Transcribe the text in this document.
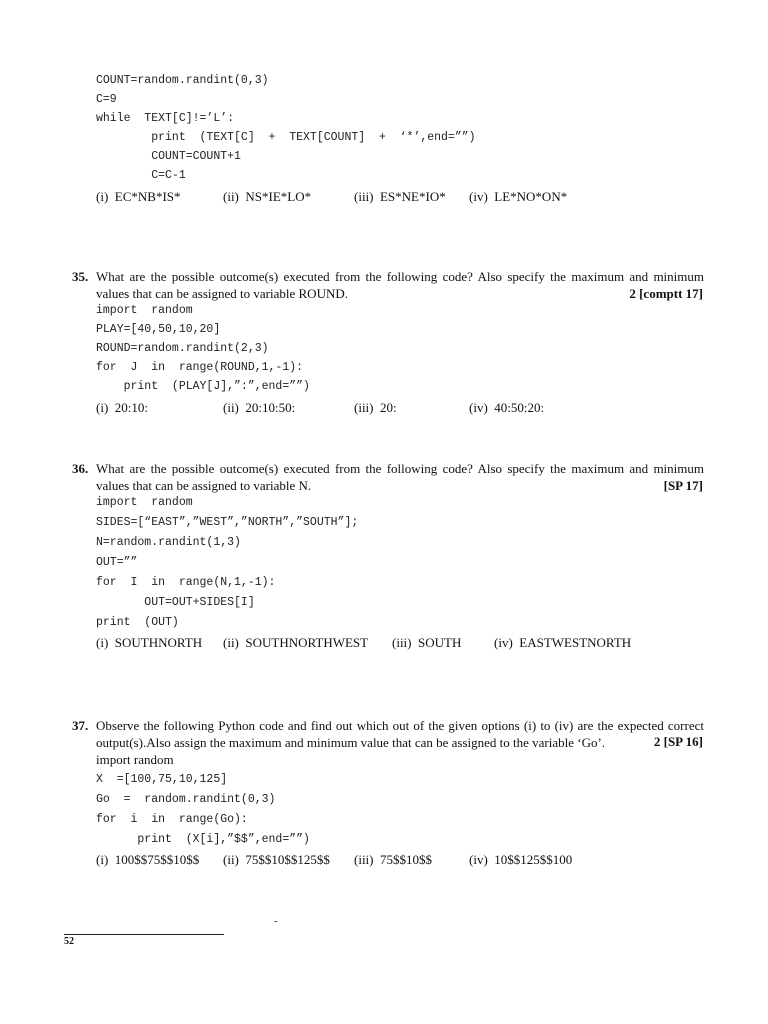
COUNT=random.randint(0,3)
C=9
while  TEXT[C]!=’L’:
print  (TEXT[C]  +  TEXT[COUNT]  +  ‘*’,end=””)
COUNT=COUNT+1
C=C-1
(i)  EC*NB*IS*	(ii)  NS*IE*LO*	(iii)  ES*NE*IO* (iv)  LE*NO*ON*
35. What are the possible outcome(s) executed from the following code? Also specify the maximum and minimum values that can be assigned to variable ROUND.	2 [comptt 17]
import  random
PLAY=[40,50,10,20]
ROUND=random.randint(2,3)
for  J  in  range(ROUND,1,-1):
print  (PLAY[J],”:”,end=””)
(i)  20:10:	(ii)  20:10:50:	(iii)  20:	(iv)  40:50:20:
36. What are the possible outcome(s) executed from the following code? Also specify the maximum and minimum values that can be assigned to variable N.	[SP 17]
import  random
SIDES=[“EAST”,”WEST”,”NORTH”,”SOUTH”];
N=random.randint(1,3)
OUT=””
for  I  in  range(N,1,-1):
OUT=OUT+SIDES[I]
print  (OUT)
(i)  SOUTHNORTH (ii)  SOUTHNORTHWEST (iii)  SOUTH	(iv)  EASTWESTNORTH
37. Observe the following Python code and find out which out of the given options (i) to (iv) are the expected correct output(s).Also assign the maximum and minimum value that can be assigned to the variable ‘Go’.	2 [SP 16]
import random
X  =[100,75,10,125]
Go  =  random.randint(0,3)
for  i  in  range(Go):
print  (X[i],”$$”,end=””)
(i)  100$$75$$10$$ (ii)  75$$10$$125$$ (iii)  75$$10$$	(iv)  10$$125$$100
-
52
